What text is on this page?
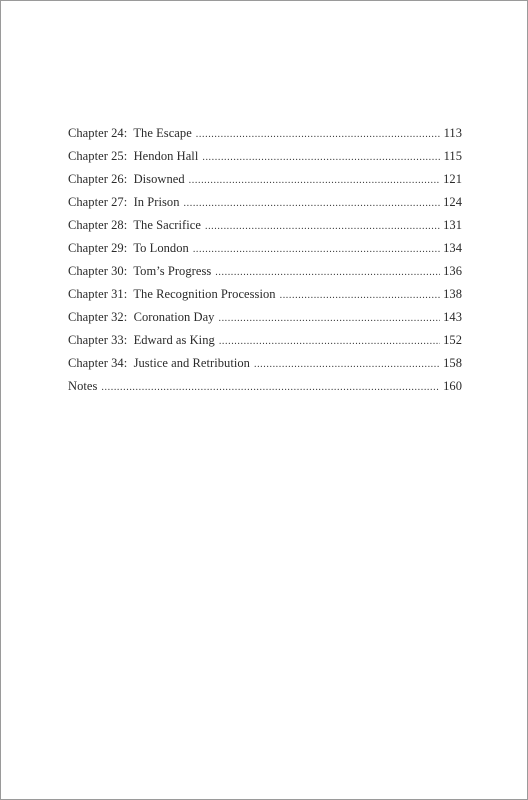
Chapter 24:  The Escape .....	113
Chapter 25:  Hendon Hall .....	115
Chapter 26:  Disowned .....	121
Chapter 27:  In Prison .....	124
Chapter 28:  The Sacrifice .....	131
Chapter 29:  To London .....	134
Chapter 30:  Tom’s Progress .....	136
Chapter 31:  The Recognition Procession .....	138
Chapter 32:  Coronation Day .....	143
Chapter 33:  Edward as King .....	152
Chapter 34:  Justice and Retribution .....	158
Notes .....	160
